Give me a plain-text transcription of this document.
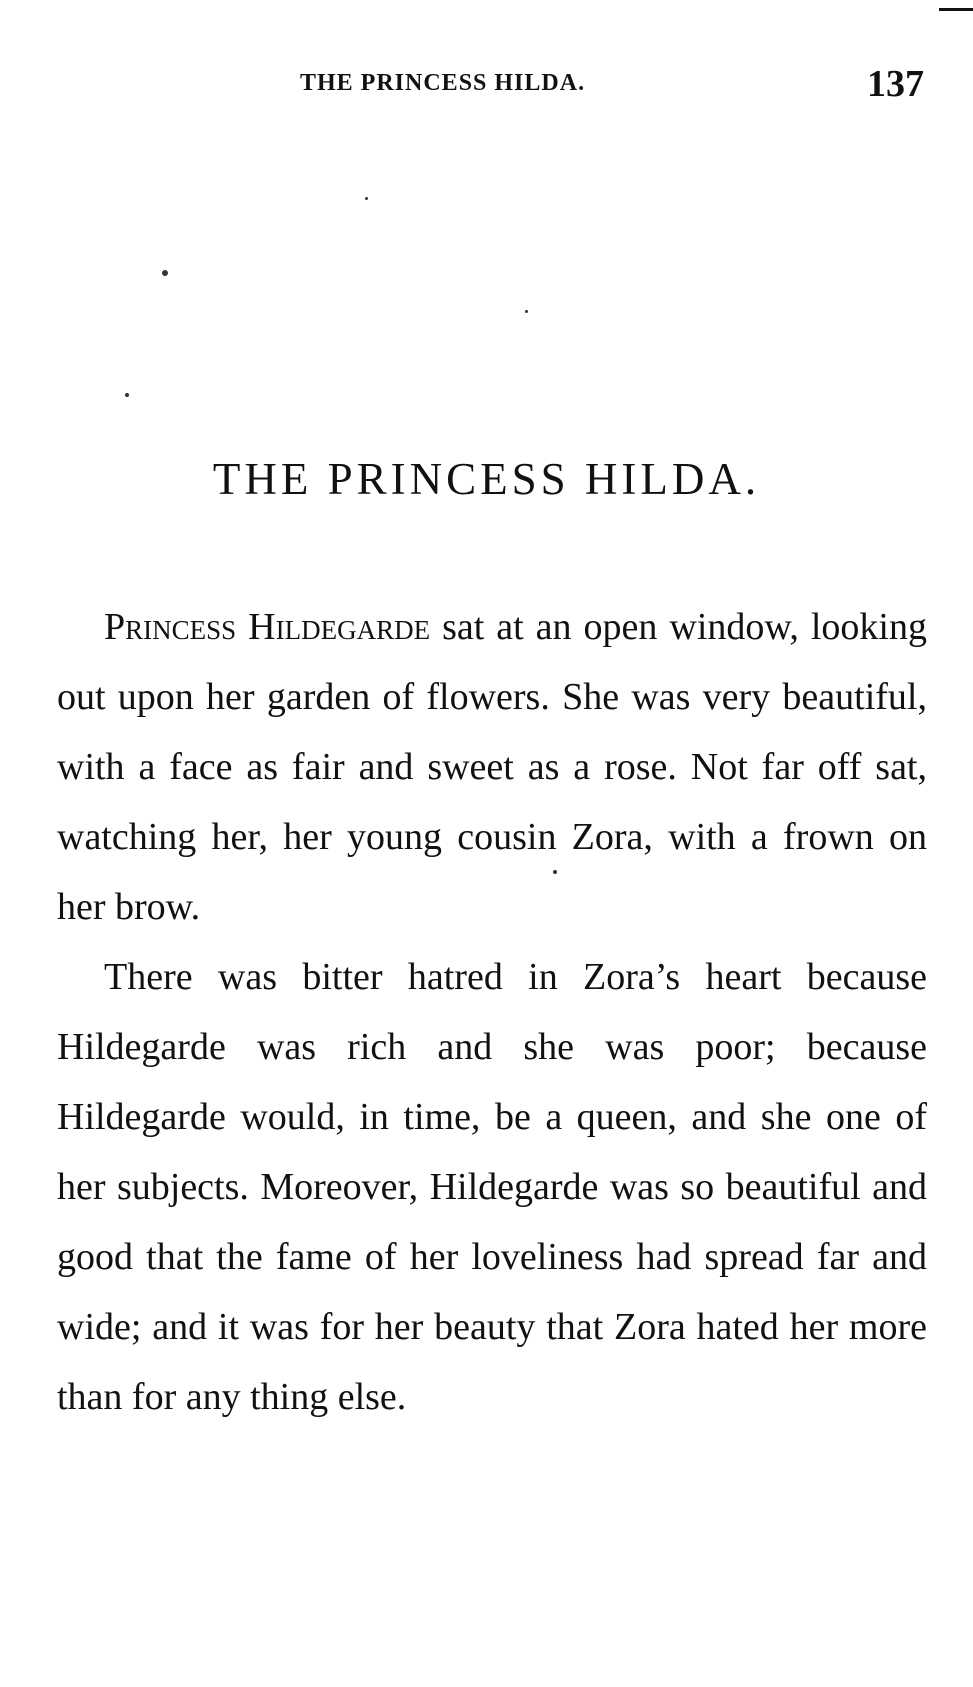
THE PRINCESS HILDA.	137
THE PRINCESS HILDA.

Princess Hildegarde sat at an open window, looking out upon her garden of flowers. She was very beautiful, with a face as fair and sweet as a rose. Not far off sat, watching her, her young cousin Zora, with a frown on her brow.

There was bitter hatred in Zora’s heart because Hildegarde was rich and she was poor; because Hildegarde would, in time, be a queen, and she one of her subjects. Moreover, Hildegarde was so beautiful and good that the fame of her loveliness had spread far and wide; and it was for her beauty that Zora hated her more than for any thing else.
